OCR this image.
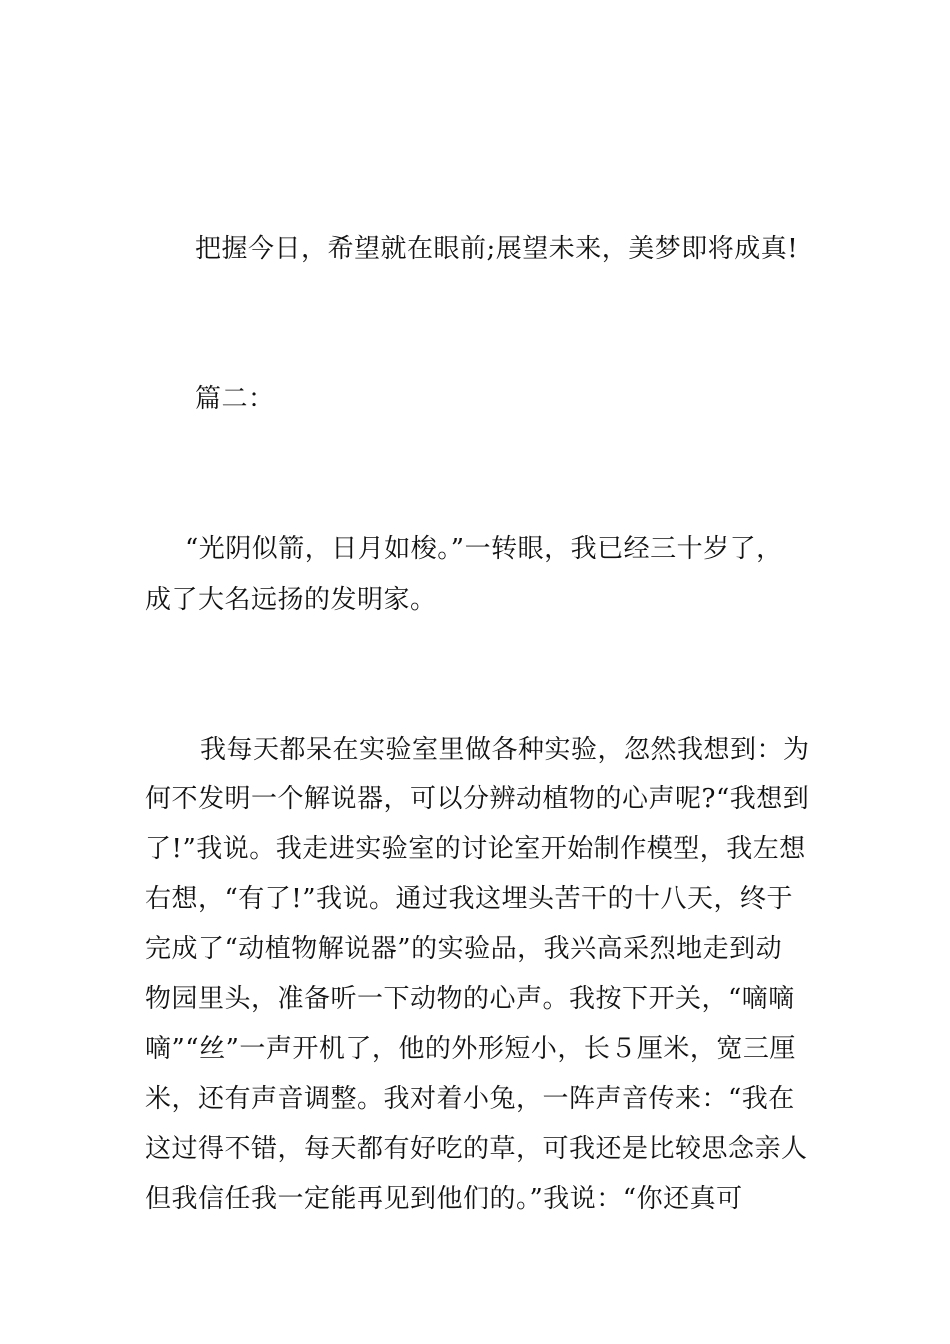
把握今日，希望就在眼前;展望未来，美梦即将成真!
篇二：
“光阴似箭，日月如梭。”一转眼，我已经三十岁了，
成了大名远扬的发明家。
我每天都呆在实验室里做各种实验，忽然我想到：为
何不发明一个解说器，可以分辨动植物的心声呢?“我想到
了!”我说。我走进实验室的讨论室开始制作模型，我左想
右想，“有了!”我说。通过我这埋头苦干的十八天，终于
完成了“动植物解说器”的实验品，我兴高采烈地走到动
物园里头，准备听一下动物的心声。我按下开关，“嘀嘀
嘀”“丝”一声开机了，他的外形短小，长５厘米，宽三厘
米，还有声音调整。我对着小兔，一阵声音传来：“我在
这过得不错，每天都有好吃的草，可我还是比较思念亲人
但我信任我一定能再见到他们的。”我说：“你还真可
